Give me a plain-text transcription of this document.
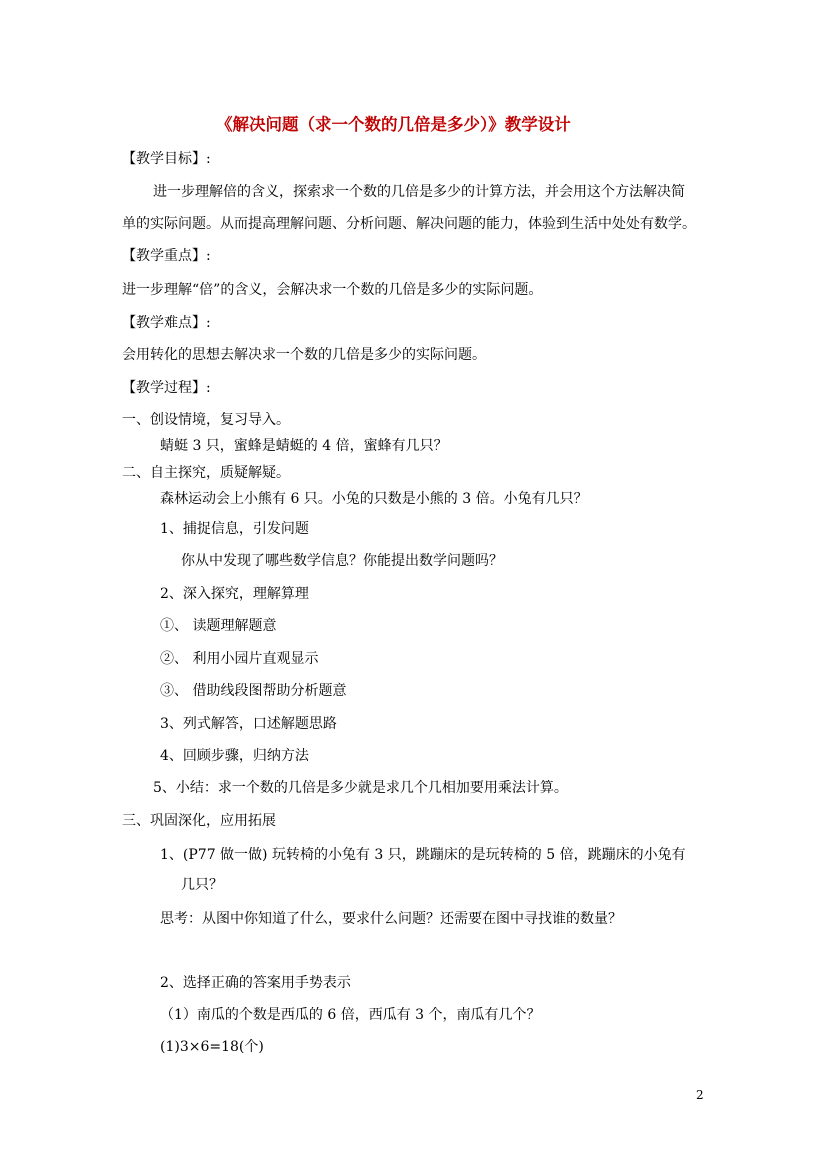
《解决问题（求一个数的几倍是多少）》教学设计
【教学目标】:
进一步理解倍的含义，探索求一个数的几倍是多少的计算方法，并会用这个方法解决简
单的实际问题。从而提高理解问题、分析问题、解决问题的能力，体验到生活中处处有数学。
【教学重点】:
进一步理解“倍”的含义，会解决求一个数的几倍是多少的实际问题。
【教学难点】:
会用转化的思想去解决求一个数的几倍是多少的实际问题。
【教学过程】:
一、创设情境，复习导入。
蜻蜓 3 只，蜜蜂是蜻蜓的 4 倍，蜜蜂有几只？
二、自主探究，质疑解疑。
森林运动会上小熊有 6 只。小兔的只数是小熊的 3 倍。小兔有几只？
1、捕捉信息，引发问题
你从中发现了哪些数学信息？你能提出数学问题吗？
2、深入探究，理解算理
①、 读题理解题意
②、 利用小园片直观显示
③、 借助线段图帮助分析题意
3、列式解答，口述解题思路
4、回顾步骤，归纳方法
5、小结：求一个数的几倍是多少就是求几个几相加要用乘法计算。
三、巩固深化，应用拓展
1、(P77 做一做) 玩转椅的小兔有 3 只，跳蹦床的是玩转椅的 5 倍，跳蹦床的小兔有
几只？
思考：从图中你知道了什么，要求什么问题？还需要在图中寻找谁的数量？
2、选择正确的答案用手势表示
（1）南瓜的个数是西瓜的 6 倍，西瓜有 3 个，南瓜有几个？
(1)3×6=18(个)
2
